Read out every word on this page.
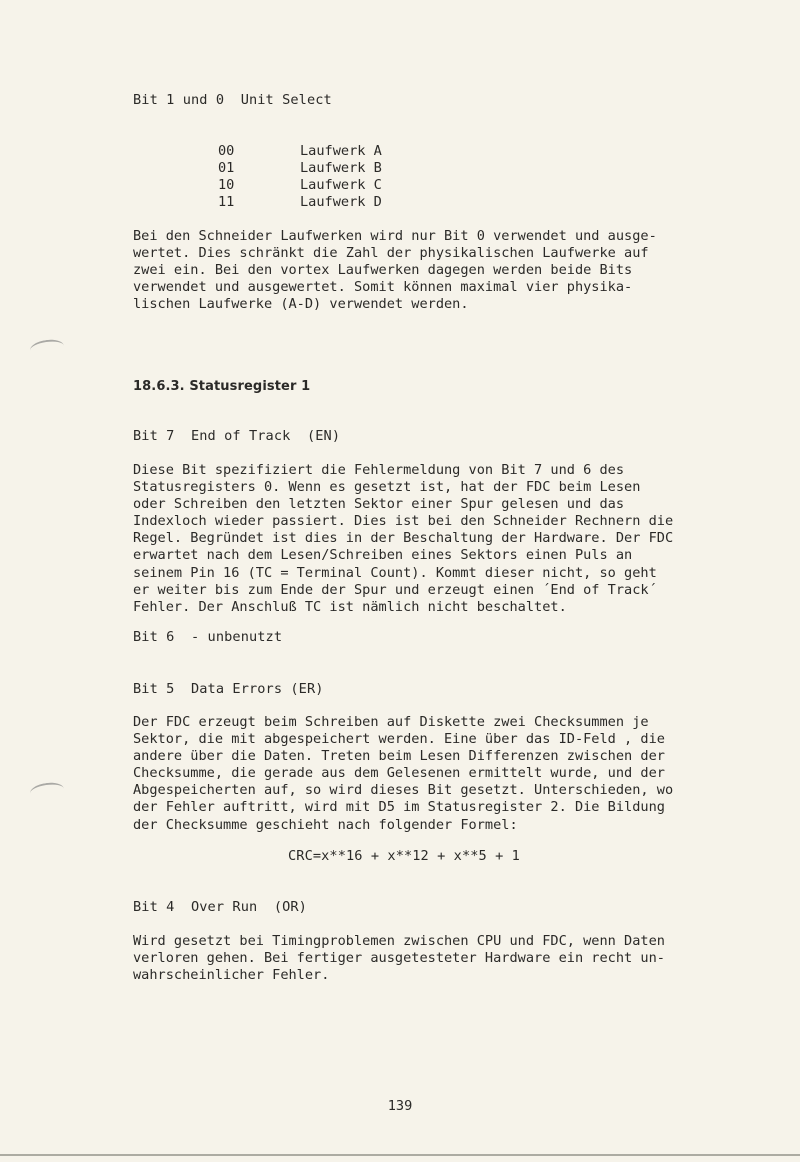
Bit 1 und 0  Unit Select
00	Laufwerk A
01	Laufwerk B
10	Laufwerk C
11	Laufwerk D
Bei den Schneider Laufwerken wird nur Bit 0 verwendet und ausge-
wertet. Dies schränkt die Zahl der physikalischen Laufwerke auf
zwei ein. Bei den vortex Laufwerken dagegen werden beide Bits
verwendet und ausgewertet. Somit können maximal vier physika-
lischen Laufwerke (A-D) verwendet werden.
18.6.3. Statusregister 1
Bit 7  End of Track  (EN)
Diese Bit spezifiziert die Fehlermeldung von Bit 7 und 6 des
Statusregisters 0. Wenn es gesetzt ist, hat der FDC beim Lesen
oder Schreiben den letzten Sektor einer Spur gelesen und das
Indexloch wieder passiert. Dies ist bei den Schneider Rechnern die
Regel. Begründet ist dies in der Beschaltung der Hardware. Der FDC
erwartet nach dem Lesen/Schreiben eines Sektors einen Puls an
seinem Pin 16 (TC = Terminal Count). Kommt dieser nicht, so geht
er weiter bis zum Ende der Spur und erzeugt einen ´End of Track´
Fehler. Der Anschluß TC ist nämlich nicht beschaltet.
Bit 6  - unbenutzt
Bit 5  Data Errors (ER)
Der FDC erzeugt beim Schreiben auf Diskette zwei Checksummen je
Sektor, die mit abgespeichert werden. Eine über das ID-Feld , die
andere über die Daten. Treten beim Lesen Differenzen zwischen der
Checksumme, die gerade aus dem Gelesenen ermittelt wurde, und der
Abgespeicherten auf, so wird dieses Bit gesetzt. Unterschieden, wo
der Fehler auftritt, wird mit D5 im Statusregister 2. Die Bildung
der Checksumme geschieht nach folgender Formel:
CRC=x**16 + x**12 + x**5 + 1
Bit 4  Over Run  (OR)
Wird gesetzt bei Timingproblemen zwischen CPU und FDC, wenn Daten
verloren gehen. Bei fertiger ausgetesteter Hardware ein recht un-
wahrscheinlicher Fehler.
139
